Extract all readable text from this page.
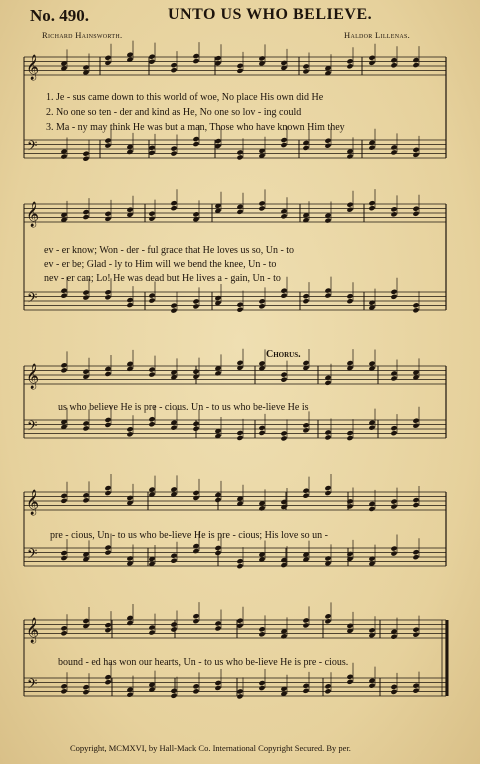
No. 490.	UNTO US WHO BELIEVE.
Richard Hainsworth.	Haldor Lillenas.
𝄞
𝄢
𝄞
𝄢
𝄞
𝄢
𝄞
𝄢
𝄞
𝄢
1. Je - sus came down to this world of woe, No place His own did He
2. No one so ten - der and kind as He, No one so lov - ing could
3. Ma - ny may think He was but a man, Those who have known Him they
ev - er know; Won - der - ful grace that He loves us so, Un - to
ev - er be; Glad - ly to Him will we bend the knee, Un - to
nev - er can; Lo! He was dead but He lives a - gain, Un - to
Chorus.
us who believe He is pre - cious. Un - to us who be-lieve He is
pre - cious, Un - to us who be-lieve He is pre - cious; His love so un -
bound - ed has won our hearts, Un - to us who be-lieve He is pre - cious.
Copyright, MCMXVI, by Hall-Mack Co. International Copyright Secured. By per.
